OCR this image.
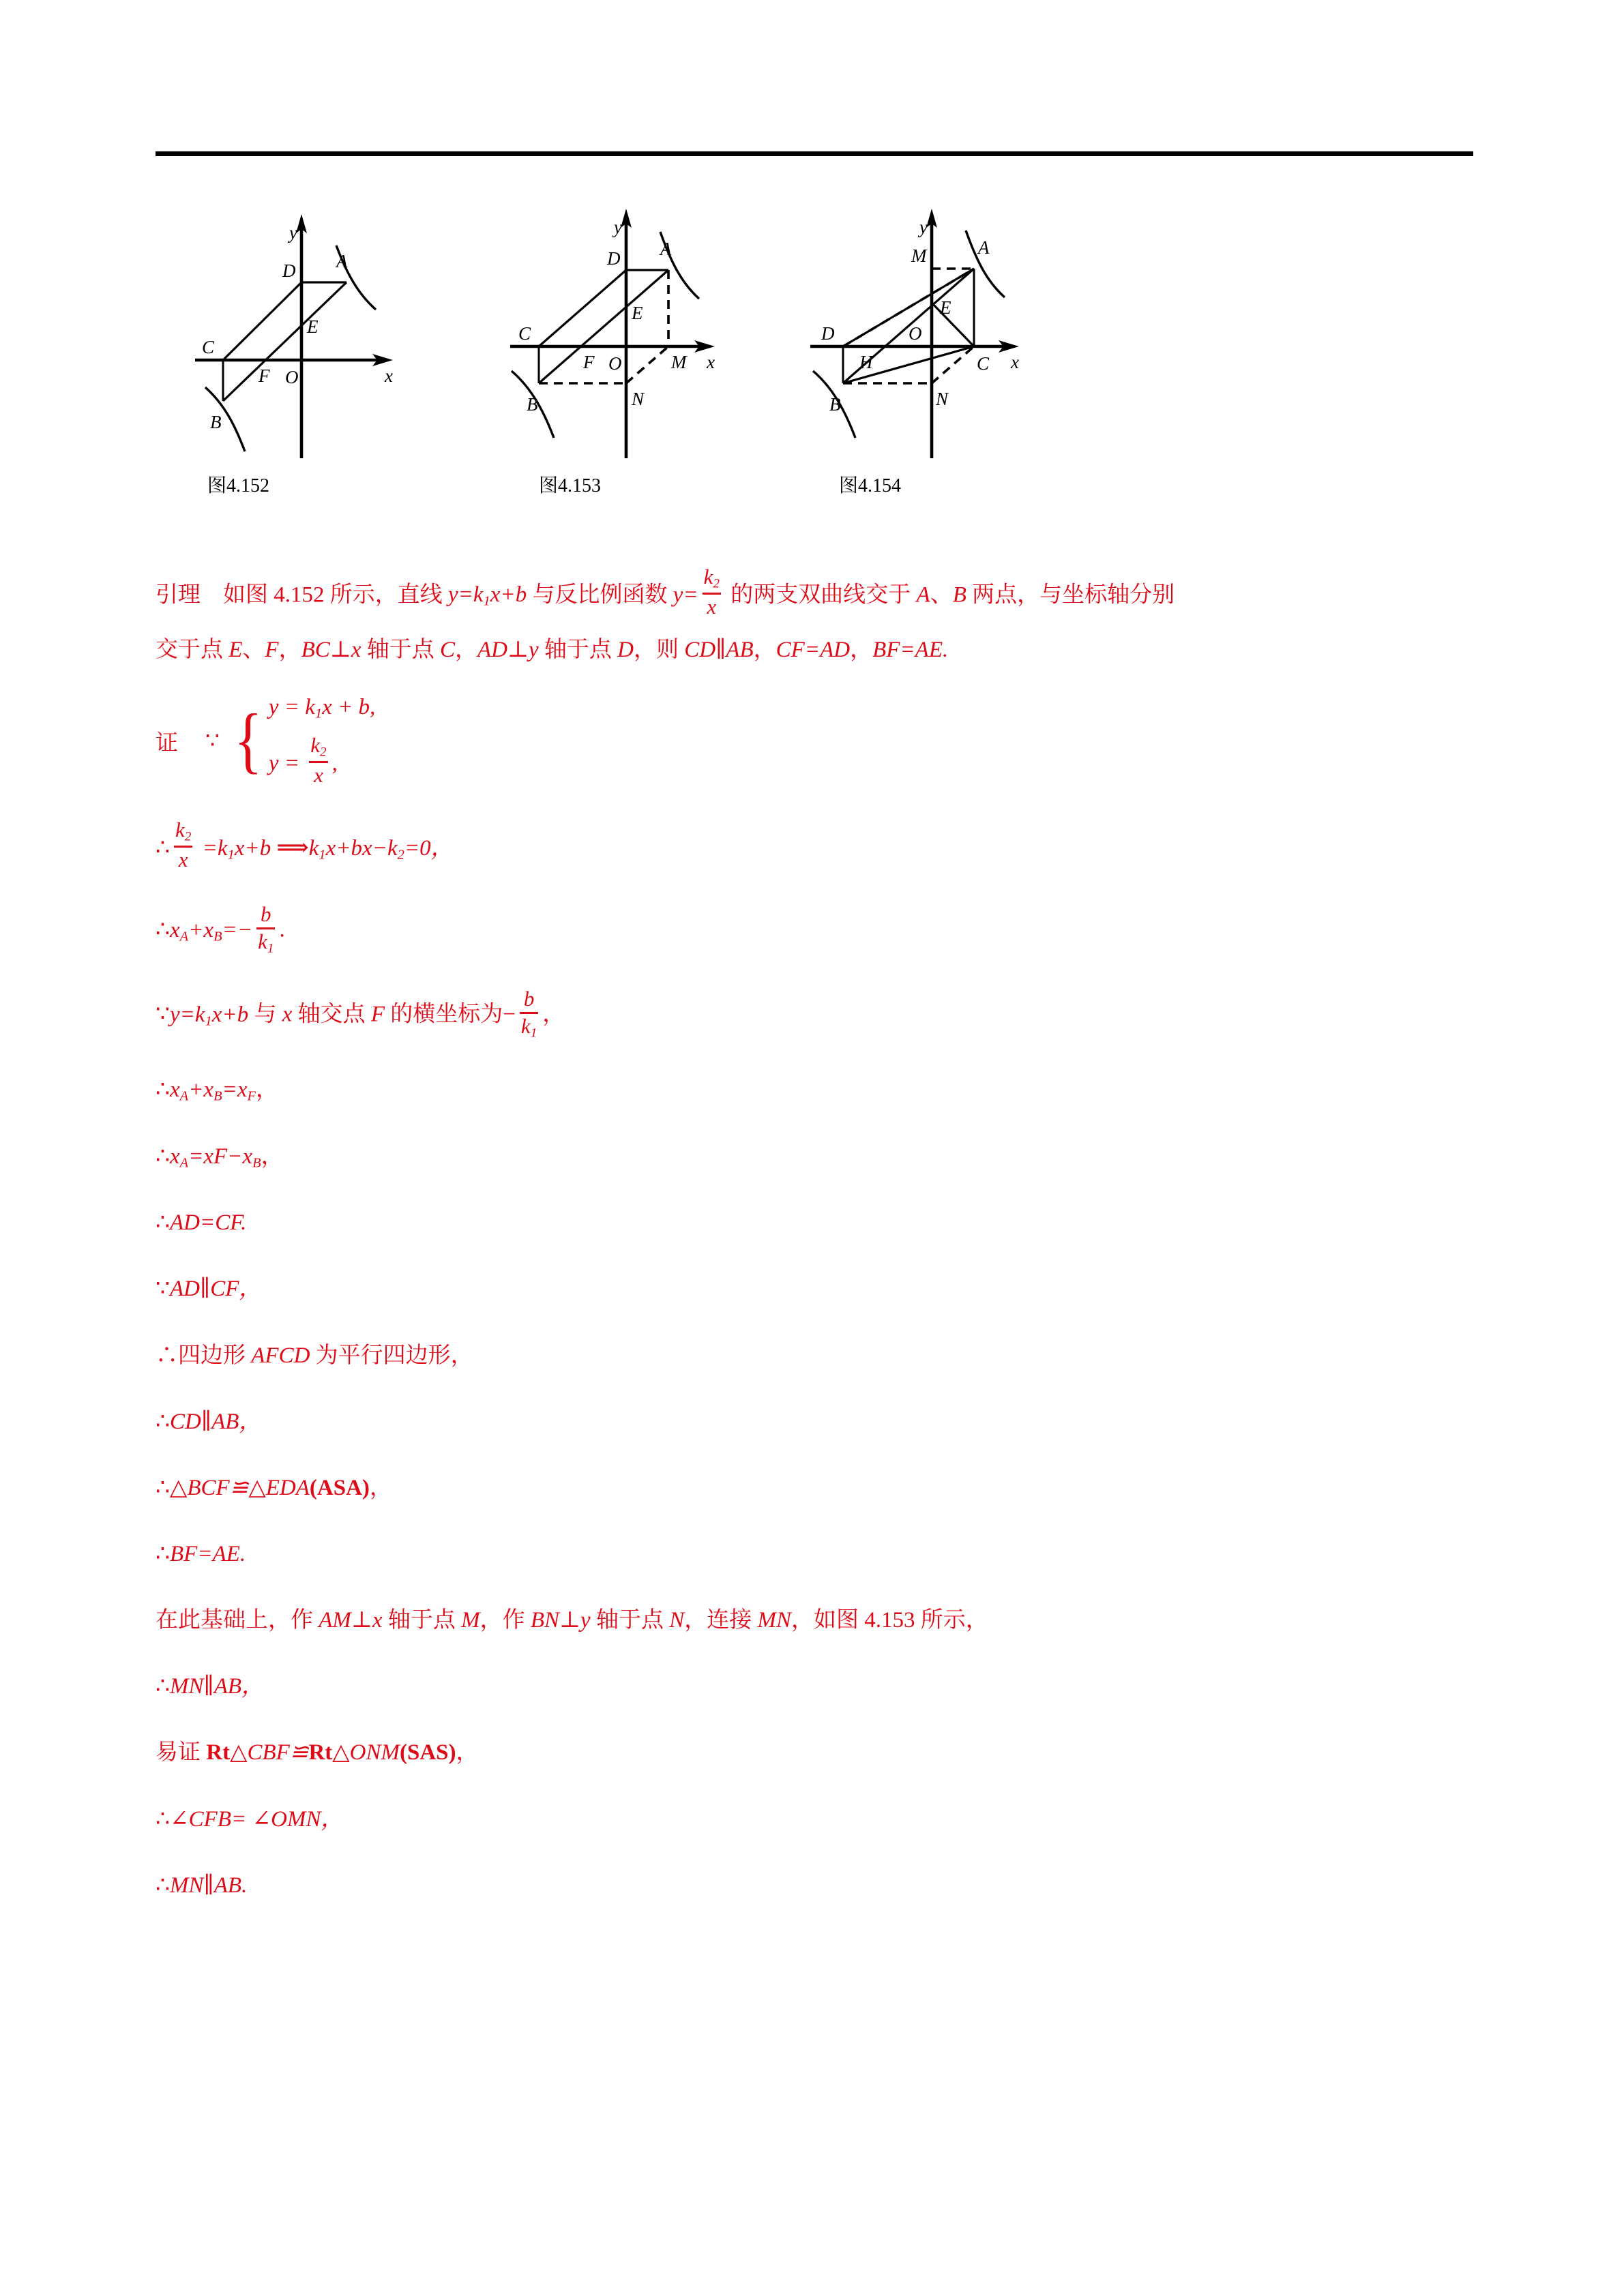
A
B
C
D
E
F O
y
x
图4.152
A
B
C
D
E
F O	M
N
y
x
图4.153
A
B
C
D
E
H
M
N
O
y
x
图4.154
引理 如图 4.152 所示，直线 $y=k_1x+b$ 与反比例函数 $y= \frac{k_2}{x}$ 的两支双曲线交于 A、B 两点，与坐标轴分别
交于点 E、F，BC⊥x 轴于点 C，AD⊥y 轴于点 D，则 CD∥AB，CF=AD，BF=AE.
证 ∵ { $y = k_1x + b$,
$y = \frac{k_2}{x}$ ,
∴ $\frac{k_2}{x} =k_1x+b$ $⟹k_1x+bx-k_2=0$，
$\therefore x_A+x_B=- \frac{b}{k_1}$ .
$\because y=k_1x+b$ 与 x 轴交点 F 的横坐标为− $\frac{b}{k_1}$ ，
$\therefore x_A+x_B=x_F$，
$\therefore x_A=xF-x_B$，
∴AD=CF.
∵AD∥CF，
∴四边形 AFCD 为平行四边形，
∴CD∥AB，
∴△BCF≌△EDA(ASA)，
∴BF=AE.
在此基础上，作 AM⊥x 轴于点 M，作 BN⊥y 轴于点 N，连接 MN，如图 4.153 所示，
∴MN∥AB，
易证 Rt△CBF≌Rt△ONM(SAS)，
∴∠CFB= ∠OMN，
∴MN∥AB.
